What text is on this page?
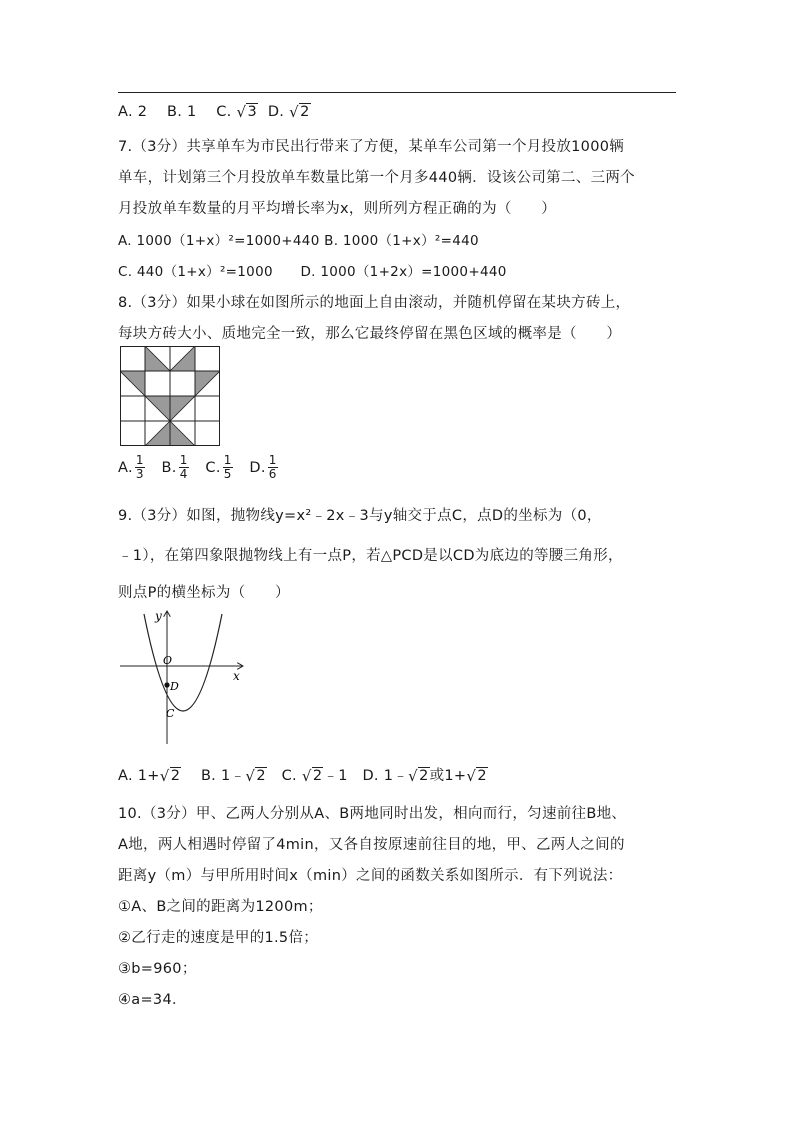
A. 2 B. 1 C. √ 3 D. √ 2
7.（3分）共享单车为市民出行带来了方便，某单车公司第一个月投放1000辆
单车，计划第三个月投放单车数量比第一个月多440辆．设该公司第二、三两个
月投放单车数量的月平均增长率为x，则所列方程正确的为（　　）
A. 1000（1+x）²=1000+440 B. 1000（1+x）²=440
C. 440（1+x）²=1000　　D. 1000（1+2x）=1000+440
8.（3分）如果小球在如图所示的地面上自由滚动，并随机停留在某块方砖上，
每块方砖大小、质地完全一致，那么它最终停留在黑色区域的概率是（　　）
A. $\frac{1}{3} B$. $\frac{1}{4} C$. $\frac{1}{5} D$. $\frac{1}{6}$
9.（3分）如图，抛物线y=x²﹣2x﹣3与y轴交于点C，点D的坐标为（0，
﹣1），在第四象限抛物线上有一点P，若△PCD是以CD为底边的等腰三角形，
则点P的横坐标为（　　）
y
x
O
D
C
A. 1+ √ 2 B. 1﹣ √ 2 C. √ 2﹣1 D. 1﹣ √ 2或1+ √ 2
10.（3分）甲、乙两人分别从A、B两地同时出发，相向而行，匀速前往B地、
A地，两人相遇时停留了4min，又各自按原速前往目的地，甲、乙两人之间的
距离y（m）与甲所用时间x（min）之间的函数关系如图所示．有下列说法：
①A、B之间的距离为1200m；
②乙行走的速度是甲的1.5倍；
③b=960；
④a=34．
